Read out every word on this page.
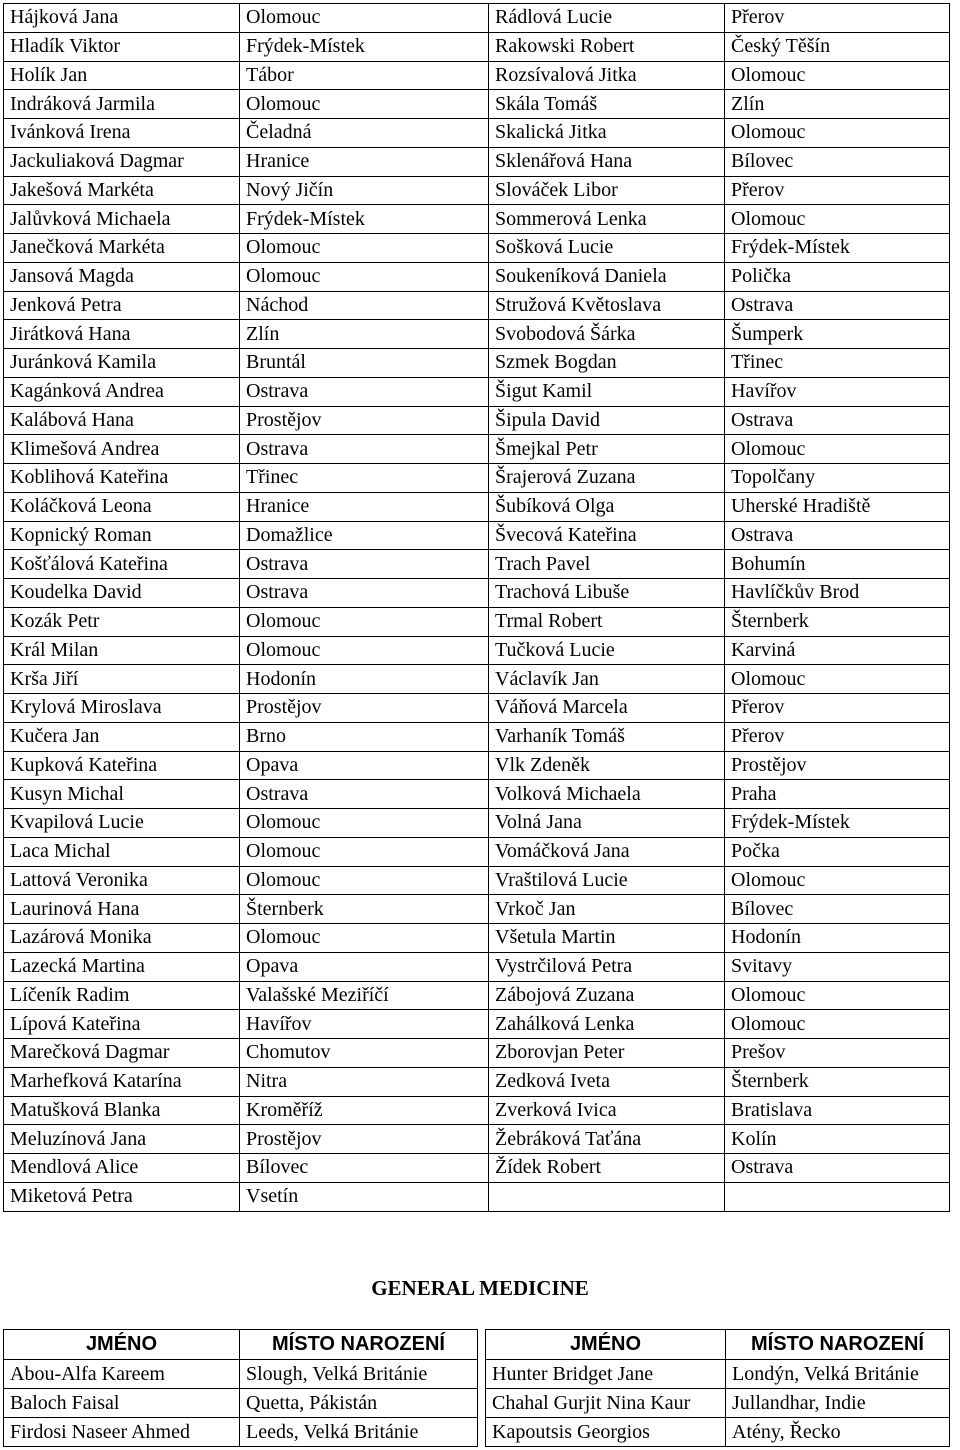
Hájková Jana	Olomouc	Rádlová Lucie	Přerov
Hladík Viktor	Frýdek-Místek	Rakowski Robert	Český Těšín
Holík Jan	Tábor	Rozsívalová Jitka	Olomouc
Indráková Jarmila	Olomouc	Skála Tomáš	Zlín
Ivánková Irena	Čeladná	Skalická Jitka	Olomouc
Jackuliaková Dagmar	Hranice	Sklenářová Hana	Bílovec
Jakešová Markéta	Nový Jičín	Slováček Libor	Přerov
Jalůvková Michaela	Frýdek-Místek	Sommerová Lenka	Olomouc
Janečková Markéta	Olomouc	Sošková Lucie	Frýdek-Místek
Jansová Magda	Olomouc	Soukeníková Daniela	Polička
Jenková Petra	Náchod	Stružová Květoslava	Ostrava
Jirátková Hana	Zlín	Svobodová Šárka	Šumperk
Juránková Kamila	Bruntál	Szmek Bogdan	Třinec
Kagánková Andrea	Ostrava	Šigut Kamil	Havířov
Kalábová Hana	Prostějov	Šipula David	Ostrava
Klimešová Andrea	Ostrava	Šmejkal Petr	Olomouc
Koblihová Kateřina	Třinec	Šrajerová Zuzana	Topolčany
Koláčková Leona	Hranice	Šubíková Olga	Uherské Hradiště
Kopnický Roman	Domažlice	Švecová Kateřina	Ostrava
Košťálová Kateřina	Ostrava	Trach Pavel	Bohumín
Koudelka David	Ostrava	Trachová Libuše	Havlíčkův Brod
Kozák Petr	Olomouc	Trmal Robert	Šternberk
Král Milan	Olomouc	Tučková Lucie	Karviná
Krša Jiří	Hodonín	Václavík Jan	Olomouc
Krylová Miroslava	Prostějov	Váňová Marcela	Přerov
Kučera Jan	Brno	Varhaník Tomáš	Přerov
Kupková Kateřina	Opava	Vlk Zdeněk	Prostějov
Kusyn Michal	Ostrava	Volková Michaela	Praha
Kvapilová Lucie	Olomouc	Volná Jana	Frýdek-Místek
Laca Michal	Olomouc	Vomáčková Jana	Počka
Lattová Veronika	Olomouc	Vraštilová Lucie	Olomouc
Laurinová Hana	Šternberk	Vrkoč Jan	Bílovec
Lazárová Monika	Olomouc	Všetula Martin	Hodonín
Lazecká Martina	Opava	Vystrčilová Petra	Svitavy
Líčeník Radim	Valašské Meziříčí	Zábojová Zuzana	Olomouc
Lípová Kateřina	Havířov	Zahálková Lenka	Olomouc
Marečková Dagmar	Chomutov	Zborovjan Peter	Prešov
Marhefková Katarína	Nitra	Zedková Iveta	Šternberk
Matušková Blanka	Kroměříž	Zverková Ivica	Bratislava
Meluzínová Jana	Prostějov	Žebráková Taťána	Kolín
Mendlová Alice	Bílovec	Žídek Robert	Ostrava
Miketová Petra	Vsetín		
GENERAL MEDICINE
JMÉNO	MÍSTO NAROZENÍ		JMÉNO	MÍSTO NAROZENÍ
Abou-Alfa Kareem	Slough, Velká Británie		Hunter Bridget Jane	Londýn, Velká Británie
Baloch Faisal	Quetta, Pákistán		Chahal Gurjit Nina Kaur	Jullandhar, Indie
Firdosi Naseer Ahmed	Leeds, Velká Británie		Kapoutsis Georgios	Atény, Řecko
